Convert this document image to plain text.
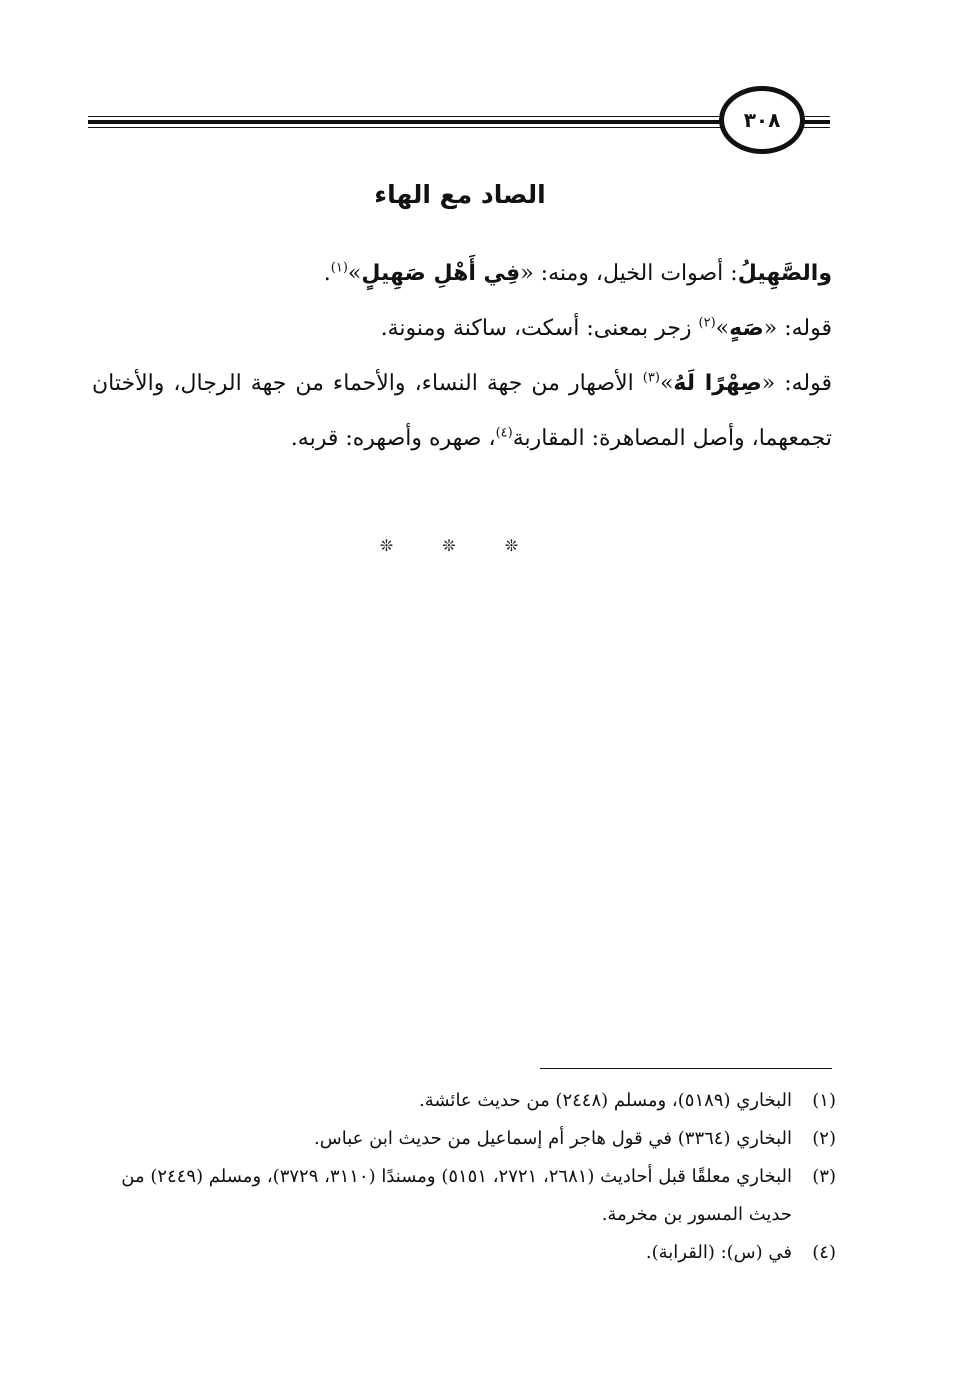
٣٠٨
الصاد مع الهاء

والصَّهِيلُ: أصوات الخيل، ومنه: «فِي أَهْلِ صَهِيلٍ»$^{(١)}$.

قوله: «صَهٍ»$^{(٢)}$ زجر بمعنى: أسكت، ساكنة ومنونة.

قوله: «صِهْرًا لَهُ»$^{(٣)}$ الأصهار من جهة النساء، والأحماء من جهة الرجال، والأختان تجمعهما، وأصل المصاهرة: المقاربة$^{(٤)}$، صهره وأصهره: قربه.

❊ ❊ ❊
(١)
البخاري (٥١٨٩)، ومسلم (٢٤٤٨) من حديث عائشة.
(٢)
البخاري (٣٣٦٤) في قول هاجر أم إسماعيل من حديث ابن عباس.
(٣)
البخاري معلقًا قبل أحاديث (٢٦٨١، ٢٧٢١، ٥١٥١) ومسندًا (٣١١٠، ٣٧٢٩)، ومسلم (٢٤٤٩) من حديث المسور بن مخرمة.
(٤)
في (س): (القرابة).
